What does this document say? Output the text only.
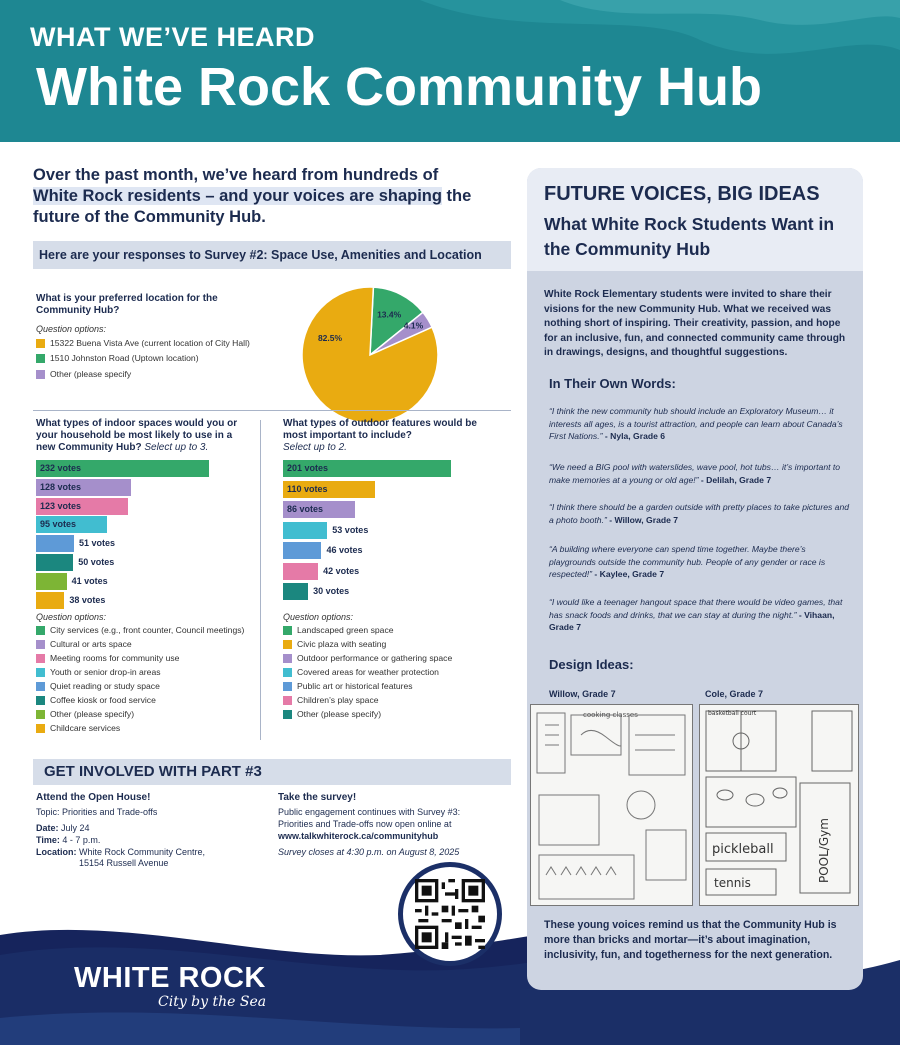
WHAT WE’VE HEARD
White Rock Community Hub
Over the past month, we’ve heard from hundreds of
White Rock residents – and your voices are shaping the
future of the Community Hub.
Here are your responses to Survey #2: Space Use, Amenities and Location
What is your preferred location for the Community Hub?
Question options:
15322 Buena Vista Ave (current location of City Hall)
1510 Johnston Road (Uptown location)
Other (please specify
13.4%
4.1%
82.5%
What types of indoor spaces would you or your household be most likely to use in a new Community Hub? Select up to 3.
232 votes
128 votes
123 votes
95 votes
51 votes
50 votes
41 votes
38 votes
Question options:
City services (e.g., front counter, Council meetings)
Cultural or arts space
Meeting rooms for community use
Youth or senior drop-in areas
Quiet reading or study space
Coffee kiosk or food service
Other (please specify)
Childcare services
What types of outdoor features would be most important to include?
Select up to 2.
201 votes
110 votes
86 votes
53 votes
46 votes
42 votes
30 votes
Question options:
Landscaped green space
Civic plaza with seating
Outdoor performance or gathering space
Covered areas for weather protection
Public art or historical features
Children’s play space
Other (please specify)
GET INVOLVED WITH PART #3
Attend the Open House!
Topic: Priorities and Trade-offs
Date: July 24
Time: 4 - 7 p.m.
Location: White Rock Community Centre,
15154 Russell Avenue
Take the survey!
Public engagement continues with Survey #3:
Priorities and Trade-offs now open online at
www.talkwhiterock.ca/communityhub
Survey closes at 4:30 p.m. on August 8, 2025
WHITE ROCK
City by the Sea
FUTURE VOICES, BIG IDEAS
What White Rock Students Want in the Community Hub
White Rock Elementary students were invited to share their visions for the new Community Hub. What we received was nothing short of inspiring. Their creativity, passion, and hope for an inclusive, fun, and connected community came through in drawings, designs, and thoughtful suggestions.
In Their Own Words:
“I think the new community hub should include an Exploratory Museum… it interests all ages, is a tourist attraction, and people can learn about Canada’s First Nations.” - Nyla, Grade 6
“We need a BIG pool with waterslides, wave pool, hot tubs… it’s important to make memories at a young or old age!” - Delilah, Grade 7
“I think there should be a garden outside with pretty places to take pictures and a photo booth.” - Willow, Grade 7
“A building where everyone can spend time together. Maybe there’s playgrounds outside the community hub. People of any gender or race is respected!” - Kaylee, Grade 7
“I would like a teenager hangout space that there would be video games, that has snack foods and drinks, that we can stay at during the night.” - Vihaan, Grade 7
Design Ideas:
Willow, Grade 7	Cole, Grade 7
cooking classes	basketball court
pickleball	POOL/Gym
tennis
These young voices remind us that the Community Hub is more than bricks and mortar—it’s about imagination, inclusivity, fun, and togetherness for the next generation.
